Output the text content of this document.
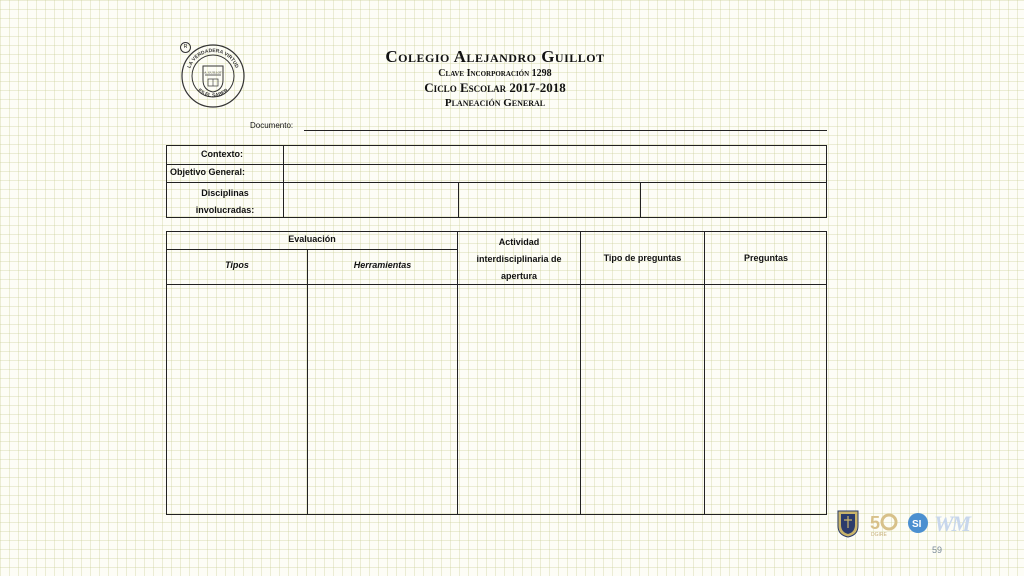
A. GUILLOT
LA VERDADERA VIRTUD
ES EL SABER
R	Colegio Alejandro Guillot
Clave Incorporación 1298
Ciclo Escolar 2017-2018
Planeación General
Documento:
Contexto:
Objetivo General:
Disciplinas
involucradas:
Evaluación
Tipos	Herramientas
Actividad
interdisciplinaria de
apertura
Tipo de preguntas	Preguntas
5
DGIRE
SI WM
59
